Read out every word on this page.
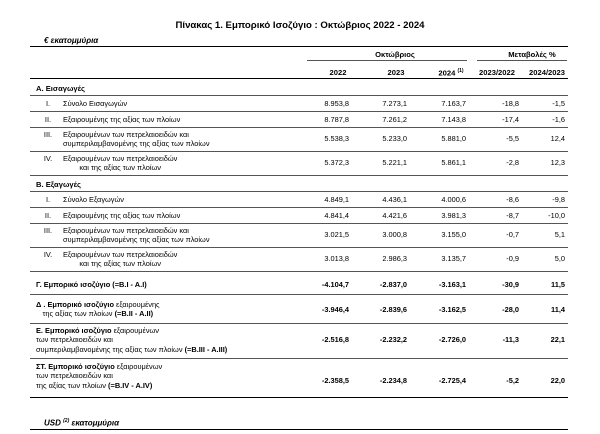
Πίνακας 1. Εμπορικό Ισοζύγιο : Οκτώβριος 2022 - 2024
€ εκατομμύρια
Οκτώβριος	Μεταβολές %
2022	2023	2024 $^{(1)}$	2023/2022	2024/2023
Α. Εισαγωγές
I. Σύνολο Εισαγωγών	8.953,8	7.273,1	7.163,7	-18,8	-1,5
II. Εξαιρουμένης της αξίας των πλοίων	8.787,8	7.261,2	7.143,8	-17,4	-1,6
III. Εξαιρουμένων των πετρελαιοειδών και
συμπεριλαμβανομένης της αξίας των πλοίων
5.538,3	5.233,0	5.881,0	-5,5	12,4
IV. Εξαιρουμένων των πετρελαιοειδών
και της αξίας των πλοίων
5.372,3	5.221,1	5.861,1	-2,8	12,3
Β. Εξαγωγές
I. Σύνολο Εξαγωγών	4.849,1	4.436,1	4.000,6	-8,6	-9,8
II. Εξαιρουμένης της αξίας των πλοίων	4.841,4	4.421,6	3.981,3	-8,7	-10,0
III. Εξαιρουμένων των πετρελαιοειδών και
συμπεριλαμβανομένης της αξίας των πλοίων
3.021,5	3.000,8	3.155,0	-0,7	5,1
IV. Εξαιρουμένων των πετρελαιοειδών
και της αξίας των πλοίων
3.013,8	2.986,3	3.135,7	-0,9	5,0
Γ. Εμπορικό ισοζύγιο (=B.I - A.I)	-4.104,7	-2.837,0	-3.163,1	-30,9	11,5
Δ . Εμπορικό ισοζύγιο εξαιρουμένης
της αξίας των πλοίων (=B.II - A.II)	-3.946,4	-2.839,6	-3.162,5	-28,0	11,4
Ε. Εμπορικό ισοζύγιο εξαιρουμένων
των πετρελαιοειδών και
συμπεριλαμβανομένης της αξίας των πλοίων (=B.III - A.III)
-2.516,8	-2.232,2	-2.726,0	-11,3	22,1
ΣΤ. Εμπορικό ισοζύγιο εξαιρουμένων
των πετρελαιοειδών και
της αξίας των πλοίων (=B.IV - A.IV)
-2.358,5	-2.234,8	-2.725,4	-5,2	22,0
USD $^{(2)}$ εκατομμύρια
